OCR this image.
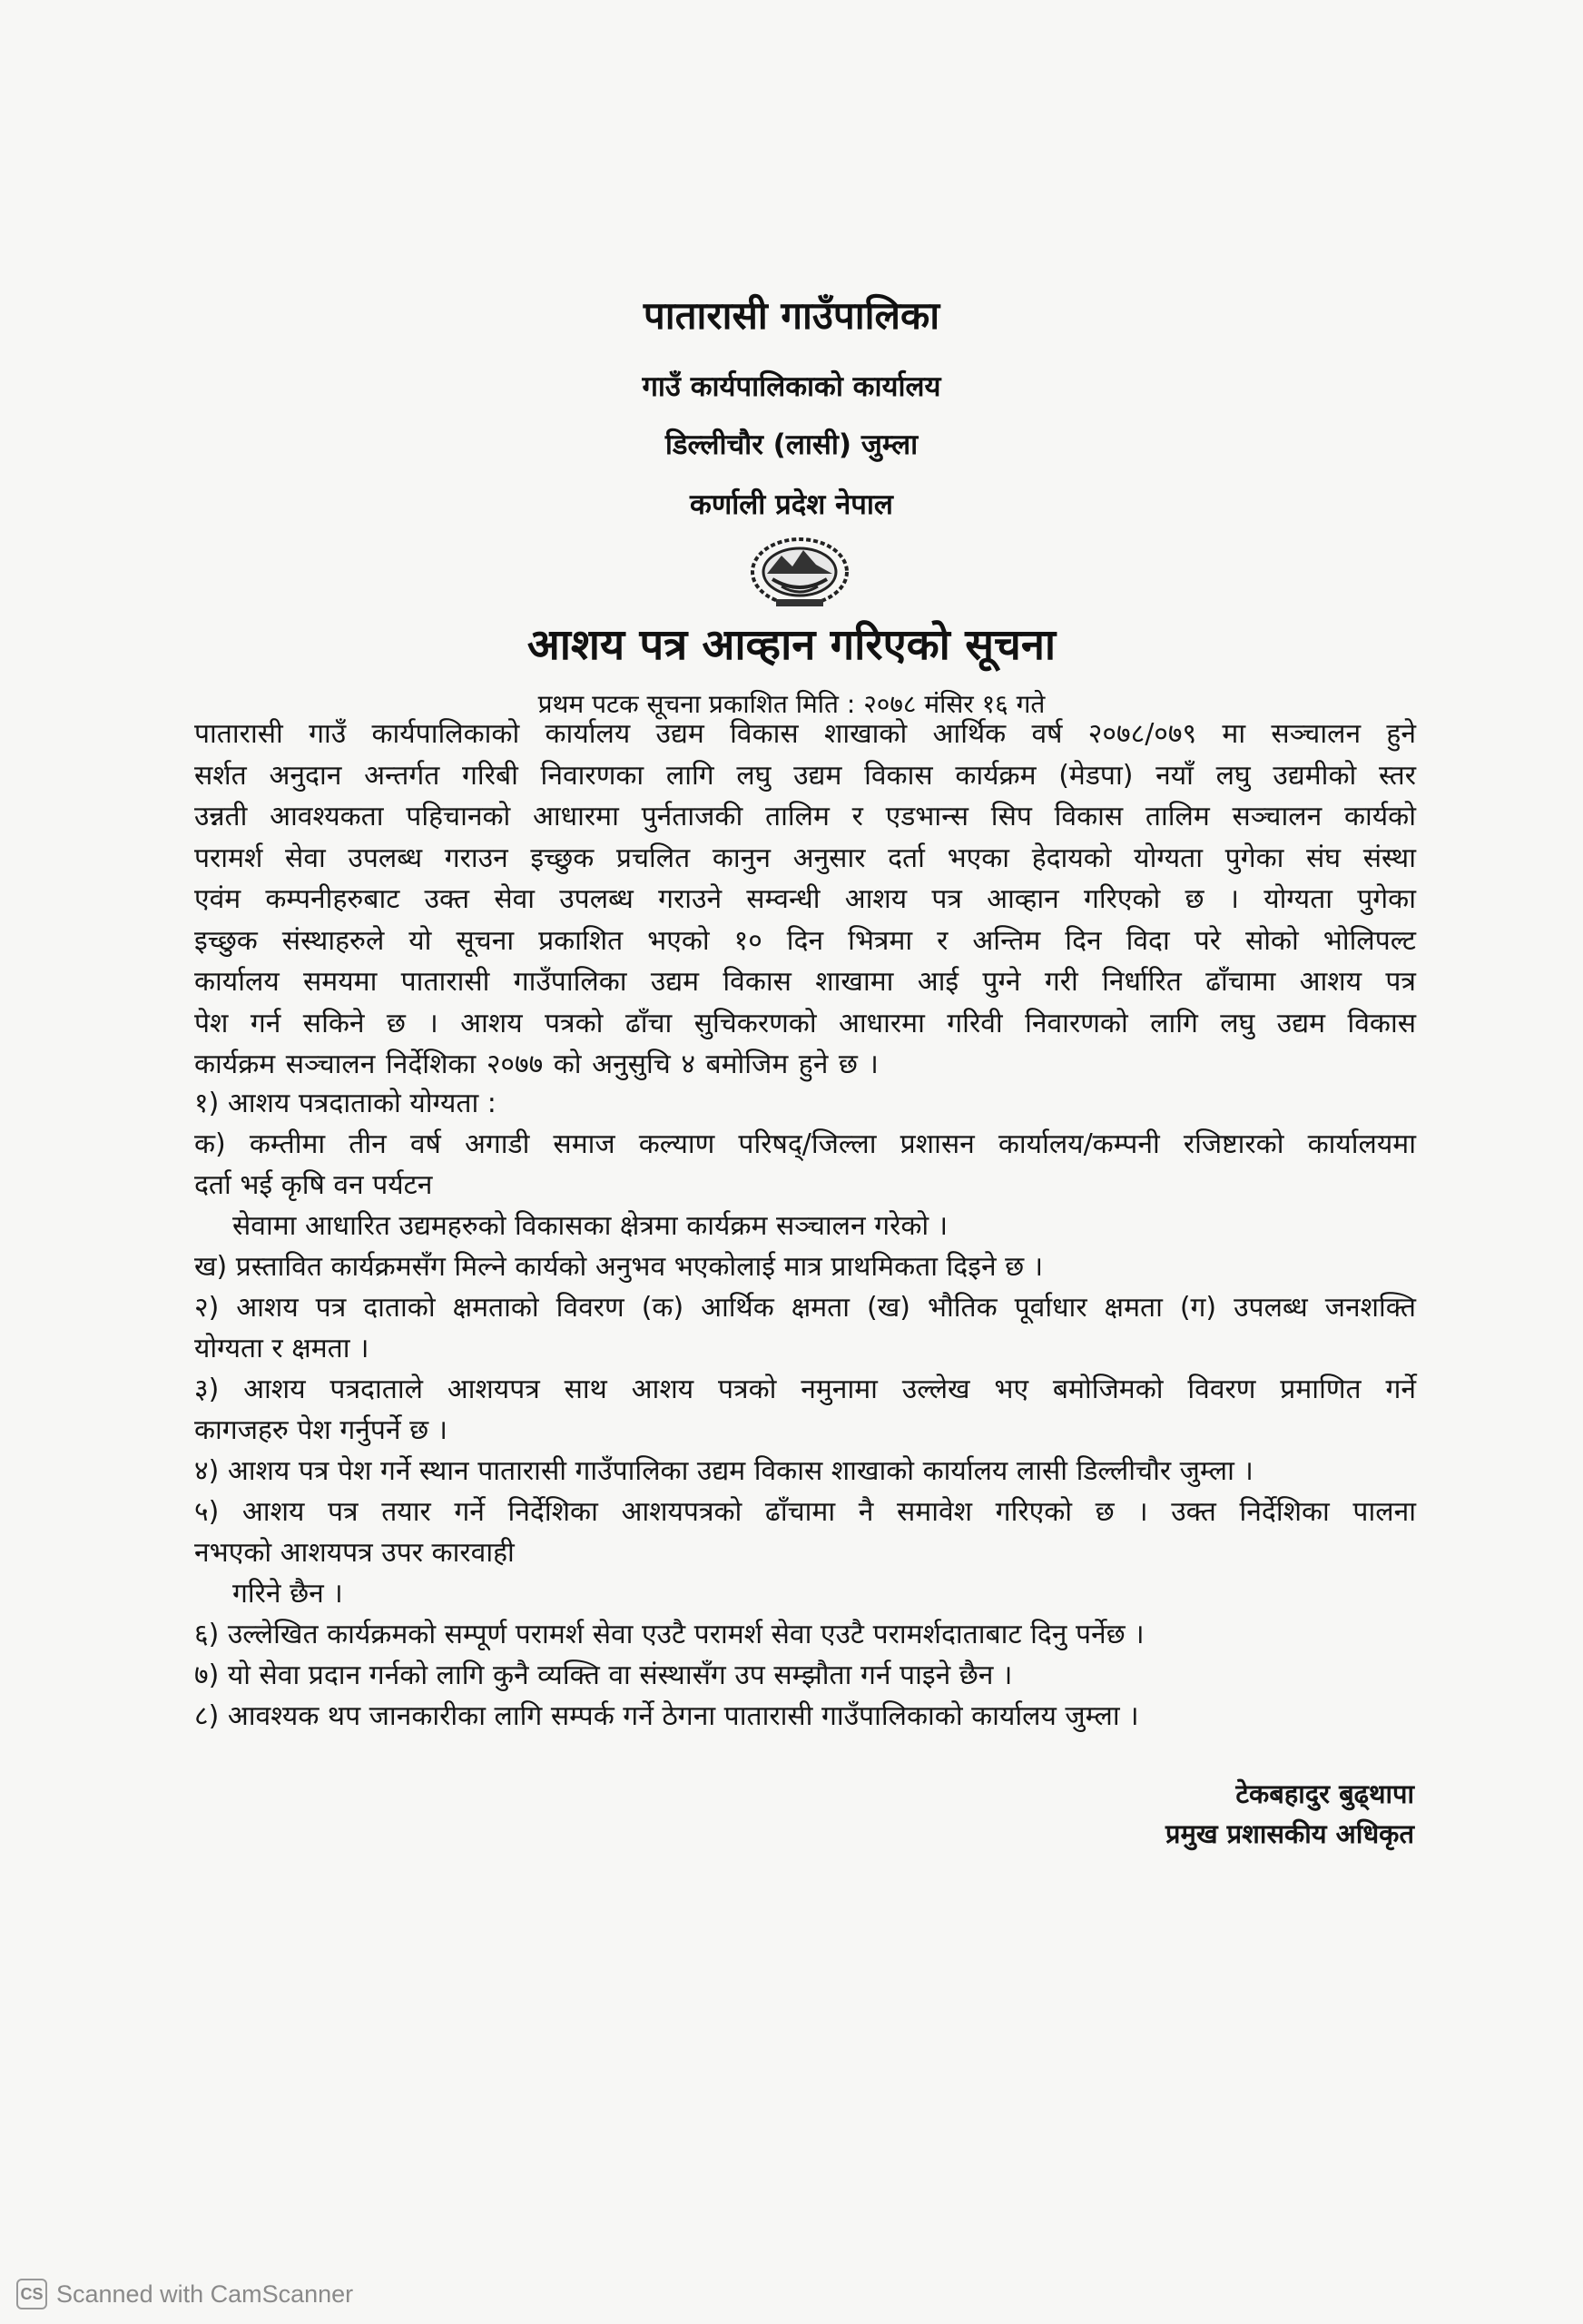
पातारासी गाउँपालिका
गाउँ कार्यपालिकाको कार्यालय
डिल्लीचौर (लासी) जुम्ला
कर्णाली प्रदेश नेपाल
आशय पत्र आव्हान गरिएको सूचना
प्रथम पटक सूचना प्रकाशित मिति : २०७८ मंसिर १६ गते
पातारासी गाउँ कार्यपालिकाको कार्यालय उद्यम विकास शाखाको आर्थिक वर्ष २०७८/०७९ मा सञ्चालन हुने
सर्शत अनुदान अन्तर्गत गरिबी निवारणका लागि लघु उद्यम विकास कार्यक्रम (मेडपा) नयाँ लघु उद्यमीको स्तर
उन्नती आवश्यकता पहिचानको आधारमा पुर्नताजकी तालिम र एडभान्स सिप विकास तालिम सञ्चालन कार्यको
परामर्श सेवा उपलब्ध गराउन इच्छुक प्रचलित कानुन अनुसार दर्ता भएका हेदायको योग्यता पुगेका संघ संस्था
एवंम कम्पनीहरुबाट उक्त सेवा उपलब्ध गराउने सम्वन्धी आशय पत्र आव्हान गरिएको छ । योग्यता पुगेका
इच्छुक संस्थाहरुले यो सूचना प्रकाशित भएको १० दिन भित्रमा र अन्तिम दिन विदा परे सोको भोलिपल्ट
कार्यालय समयमा पातारासी गाउँपालिका उद्यम विकास शाखामा आई पुग्ने गरी निर्धारित ढाँचामा आशय पत्र
पेश गर्न सकिने छ । आशय पत्रको ढाँचा सुचिकरणको आधारमा गरिवी निवारणको लागि लघु उद्यम विकास
कार्यक्रम सञ्चालन निर्देशिका २०७७ को अनुसुचि ४ बमोजिम हुने छ ।
१) आशय पत्रदाताको योग्यता :
क) कम्तीमा तीन वर्ष अगाडी समाज कल्याण परिषद्/जिल्ला प्रशासन कार्यालय/कम्पनी रजिष्टारको कार्यालयमा
दर्ता भई कृषि वन पर्यटन
सेवामा आधारित उद्यमहरुको विकासका क्षेत्रमा कार्यक्रम सञ्चालन गरेको ।
ख) प्रस्तावित कार्यक्रमसँग मिल्ने कार्यको अनुभव भएकोलाई मात्र प्राथमिकता दिइने छ ।
२) आशय पत्र दाताको क्षमताको विवरण (क) आर्थिक क्षमता (ख) भौतिक पूर्वाधार क्षमता (ग) उपलब्ध जनशक्ति
योग्यता र क्षमता ।
३) आशय पत्रदाताले आशयपत्र साथ आशय पत्रको नमुनामा उल्लेख भए बमोजिमको विवरण प्रमाणित गर्ने
कागजहरु पेश गर्नुपर्ने छ ।
४) आशय पत्र पेश गर्ने स्थान पातारासी गाउँपालिका उद्यम विकास शाखाको कार्यालय लासी डिल्लीचौर जुम्ला ।
५) आशय पत्र तयार गर्ने निर्देशिका आशयपत्रको ढाँचामा नै समावेश गरिएको छ । उक्त निर्देशिका पालना
नभएको आशयपत्र उपर कारवाही
गरिने छैन ।
६) उल्लेखित कार्यक्रमको सम्पूर्ण परामर्श सेवा एउटै परामर्श सेवा एउटै परामर्शदाताबाट दिनु पर्नेछ ।
७) यो सेवा प्रदान गर्नको लागि कुनै व्यक्ति वा संस्थासँग उप सम्झौता गर्न पाइने छैन ।
८) आवश्यक थप जानकारीका लागि सम्पर्क गर्ने ठेगना पातारासी गाउँपालिकाको कार्यालय जुम्ला ।
टेकबहादुर बुढ्थापा
प्रमुख प्रशासकीय अधिकृत
CS Scanned with CamScanner
